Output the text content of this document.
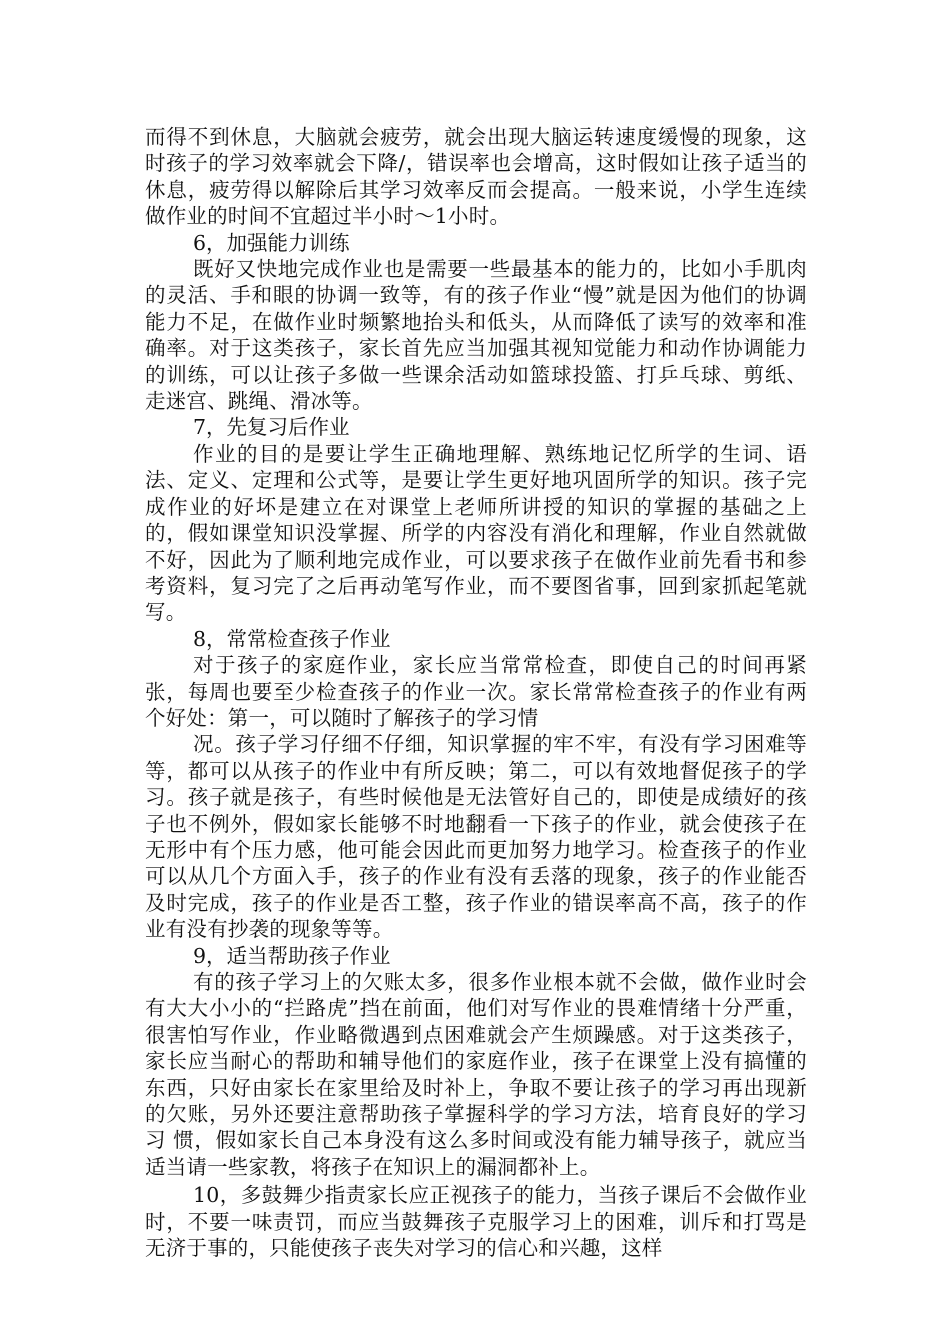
而得不到休息，大脑就会疲劳，就会出现大脑运转速度缓慢的现象，这时孩子的学习效率就会下降/，错误率也会增高，这时假如让孩子适当的休息，疲劳得以解除后其学习效率反而会提高。一般来说，小学生连续做作业的时间不宜超过半小时～1小时。

6，加强能力训练

既好又快地完成作业也是需要一些最基本的能力的，比如小手肌肉的灵活、手和眼的协调一致等，有的孩子作业“慢”就是因为他们的协调能力不足，在做作业时频繁地抬头和低头，从而降低了读写的效率和准确率。对于这类孩子，家长首先应当加强其视知觉能力和动作协调能力的训练，可以让孩子多做一些课余活动如篮球投篮、打乒乓球、剪纸、走迷宫、跳绳、滑冰等。

7，先复习后作业

作业的目的是要让学生正确地理解、熟练地记忆所学的生词、语法、定义、定理和公式等，是要让学生更好地巩固所学的知识。孩子完成作业的好坏是建立在对课堂上老师所讲授的知识的掌握的基础之上的，假如课堂知识没掌握、所学的内容没有消化和理解，作业自然就做不好，因此为了顺利地完成作业，可以要求孩子在做作业前先看书和参考资料，复习完了之后再动笔写作业，而不要图省事，回到家抓起笔就写。

8，常常检查孩子作业

对于孩子的家庭作业，家长应当常常检查，即使自己的时间再紧张，每周也要至少检查孩子的作业一次。家长常常检查孩子的作业有两个好处：第一，可以随时了解孩子的学习情

况。孩子学习仔细不仔细，知识掌握的牢不牢，有没有学习困难等等，都可以从孩子的作业中有所反映；第二，可以有效地督促孩子的学习。孩子就是孩子，有些时候他是无法管好自己的，即使是成绩好的孩子也不例外，假如家长能够不时地翻看一下孩子的作业，就会使孩子在无形中有个压力感，他可能会因此而更加努力地学习。检查孩子的作业可以从几个方面入手，孩子的作业有没有丢落的现象，孩子的作业能否及时完成，孩子的作业是否工整，孩子作业的错误率高不高，孩子的作业有没有抄袭的现象等等。

9，适当帮助孩子作业

有的孩子学习上的欠账太多，很多作业根本就不会做，做作业时会有大大小小的“拦路虎”挡在前面，他们对写作业的畏难情绪十分严重，很害怕写作业，作业略微遇到点困难就会产生烦躁感。对于这类孩子，家长应当耐心的帮助和辅导他们的家庭作业，孩子在课堂上没有搞懂的东西，只好由家长在家里给及时补上，争取不要让孩子的学习再出现新的欠账，另外还要注意帮助孩子掌握科学的学习方法，培育良好的学习习 惯，假如家长自己本身没有这么多时间或没有能力辅导孩子，就应当适当请一些家教，将孩子在知识上的漏洞都补上。

10，多鼓舞少指责家长应正视孩子的能力，当孩子课后不会做作业时，不要一味责罚，而应当鼓舞孩子克服学习上的困难，训斥和打骂是无济于事的，只能使孩子丧失对学习的信心和兴趣，这样
